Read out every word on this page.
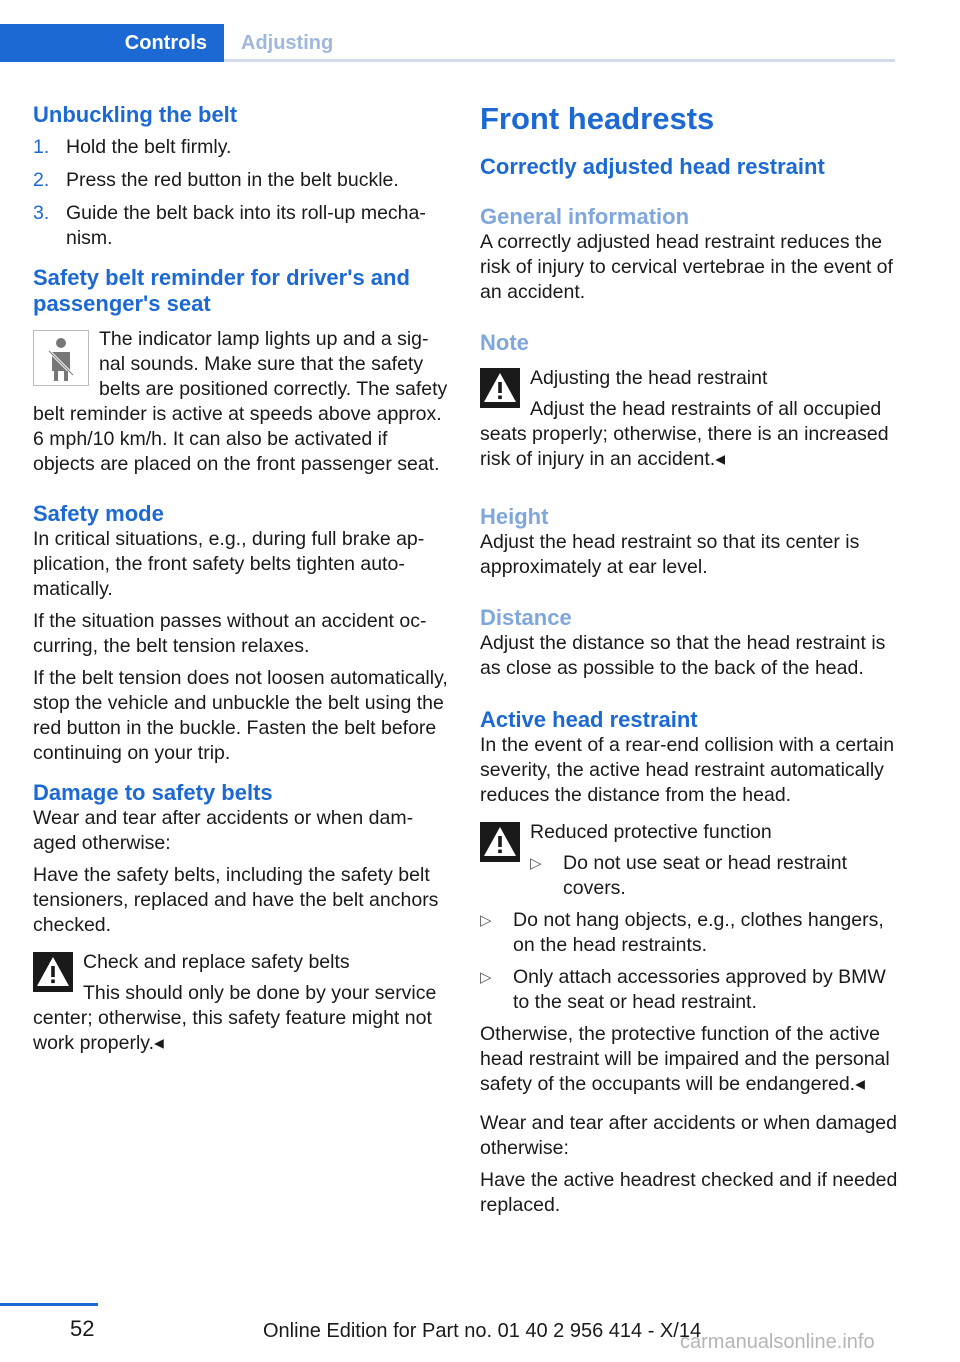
Controls	Adjusting
Unbuckling the belt
1. Hold the belt firmly.
2. Press the red button in the belt buckle.
3. Guide the belt back into its roll-up mechanism.
Safety belt reminder for driver's and passenger's seat

The indicator lamp lights up and a signal sounds. Make sure that the safety belts are positioned correctly. The safety belt reminder is active at speeds above approx. 6 mph/10 km/h. It can also be activated if objects are placed on the front passenger seat.

Safety mode

In critical situations, e.g., during full brake application, the front safety belts tighten automatically.

If the situation passes without an accident occurring, the belt tension relaxes.

If the belt tension does not loosen automatically, stop the vehicle and unbuckle the belt using the red button in the buckle. Fasten the belt before continuing on your trip.

Damage to safety belts

Wear and tear after accidents or when damaged otherwise:

Have the safety belts, including the safety belt tensioners, replaced and have the belt anchors checked.

Check and replace safety belts

This should only be done by your service center; otherwise, this safety feature might not work properly.◂

Front headrests
Correctly adjusted head restraint
General information

A correctly adjusted head restraint reduces the risk of injury to cervical vertebrae in the event of an accident.

Note

Adjusting the head restraint

Adjust the head restraints of all occupied seats properly; otherwise, there is an increased risk of injury in an accident.◂

Height

Adjust the head restraint so that its center is approximately at ear level.

Distance

Adjust the distance so that the head restraint is as close as possible to the back of the head.

Active head restraint

In the event of a rear-end collision with a certain severity, the active head restraint automatically reduces the distance from the head.

Reduced protective function

▷ Do not use seat or head restraint covers.
▷ Do not hang objects, e.g., clothes hangers, on the head restraints.
▷ Only attach accessories approved by BMW to the seat or head restraint.

Otherwise, the protective function of the active head restraint will be impaired and the personal safety of the occupants will be endangered.◂

Wear and tear after accidents or when damaged otherwise:

Have the active headrest checked and if needed replaced.

52	Online Edition for Part no. 01 40 2 956 414 - X/14
carmanualsonline.info
